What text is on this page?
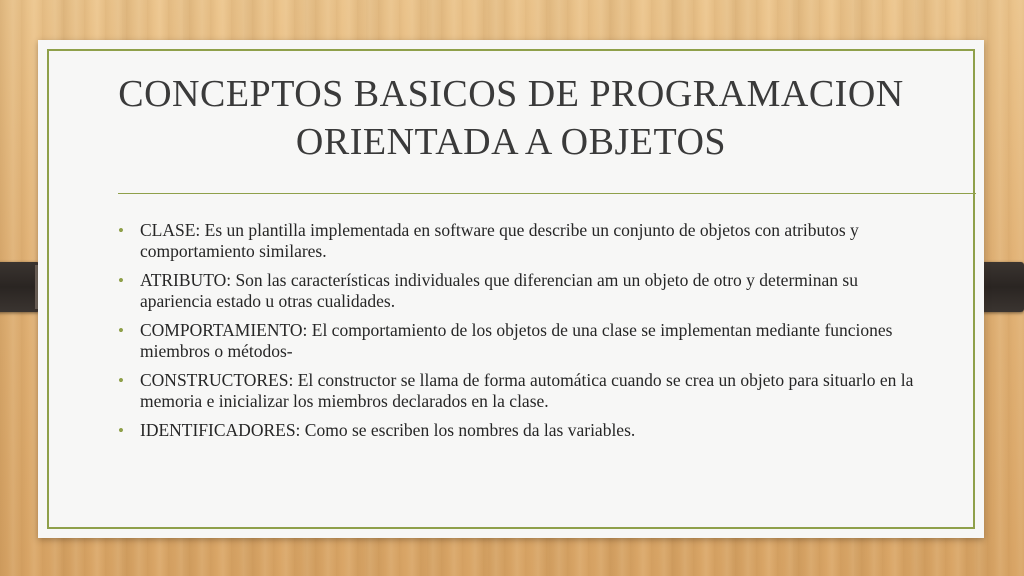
CONCEPTOS BASICOS DE PROGRAMACION ORIENTADA A OBJETOS
• CLASE: Es un plantilla implementada en software que describe un conjunto de objetos con atributos y comportamiento similares.
• ATRIBUTO: Son las características individuales que diferencian am un objeto de otro y determinan su apariencia estado u otras cualidades.
• COMPORTAMIENTO: El comportamiento de los objetos de una clase se implementan mediante funciones miembros o métodos-
• CONSTRUCTORES: El constructor se llama de forma automática cuando se crea un objeto para situarlo en la memoria e inicializar los miembros declarados en la clase.
• IDENTIFICADORES: Como se escriben los nombres da las variables.
